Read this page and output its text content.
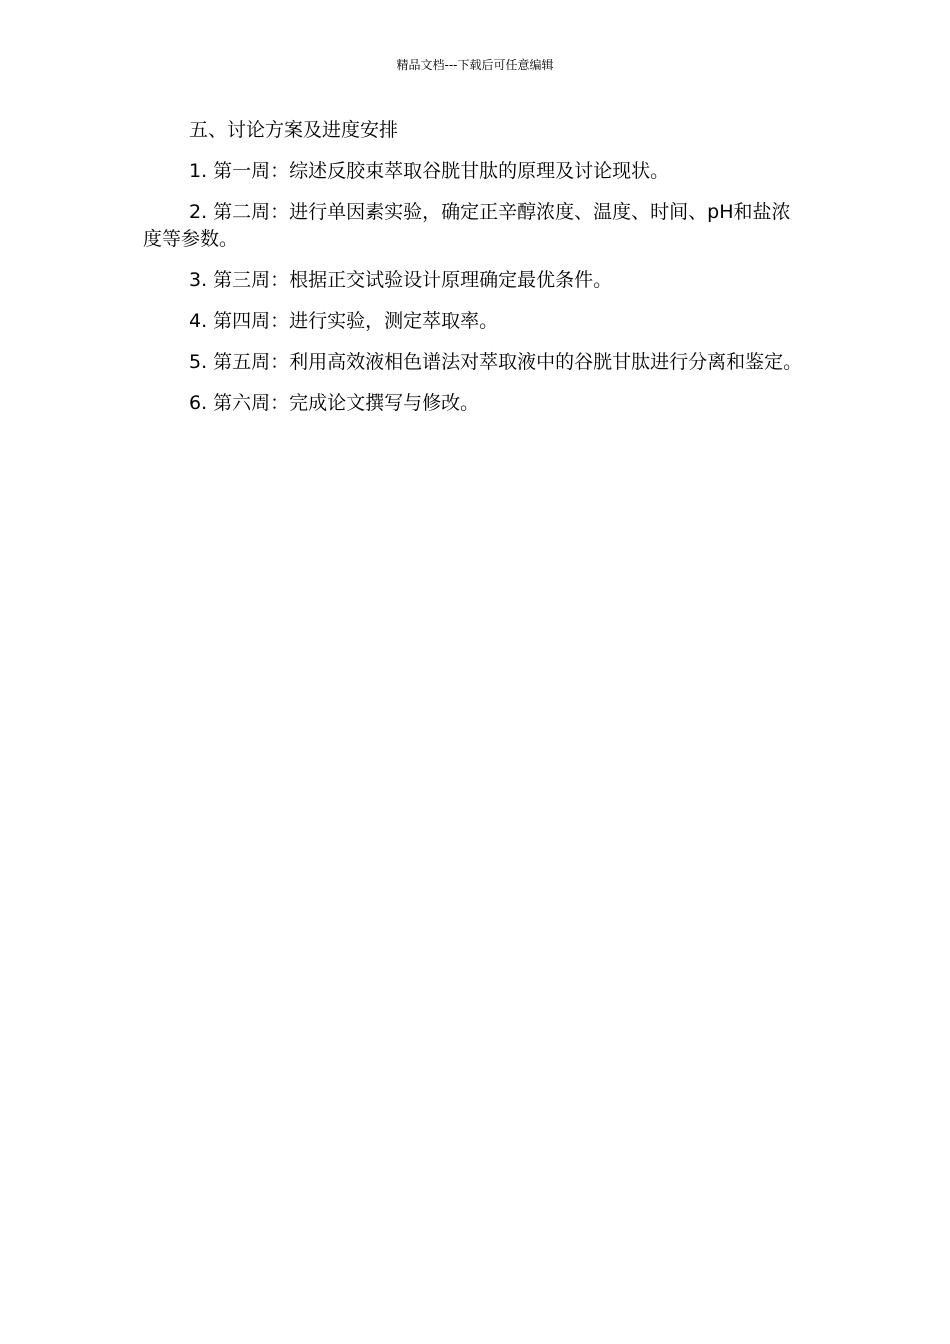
精品文档---下载后可任意编辑

五、讨论方案及进度安排

1. 第一周：综述反胶束萃取谷胱甘肽的原理及讨论现状。

2. 第二周：进行单因素实验，确定正辛醇浓度、温度、时间、pH和盐浓度等参数。

3. 第三周：根据正交试验设计原理确定最优条件。

4. 第四周：进行实验，测定萃取率。

5. 第五周：利用高效液相色谱法对萃取液中的谷胱甘肽进行分离和鉴定。

6. 第六周：完成论文撰写与修改。
